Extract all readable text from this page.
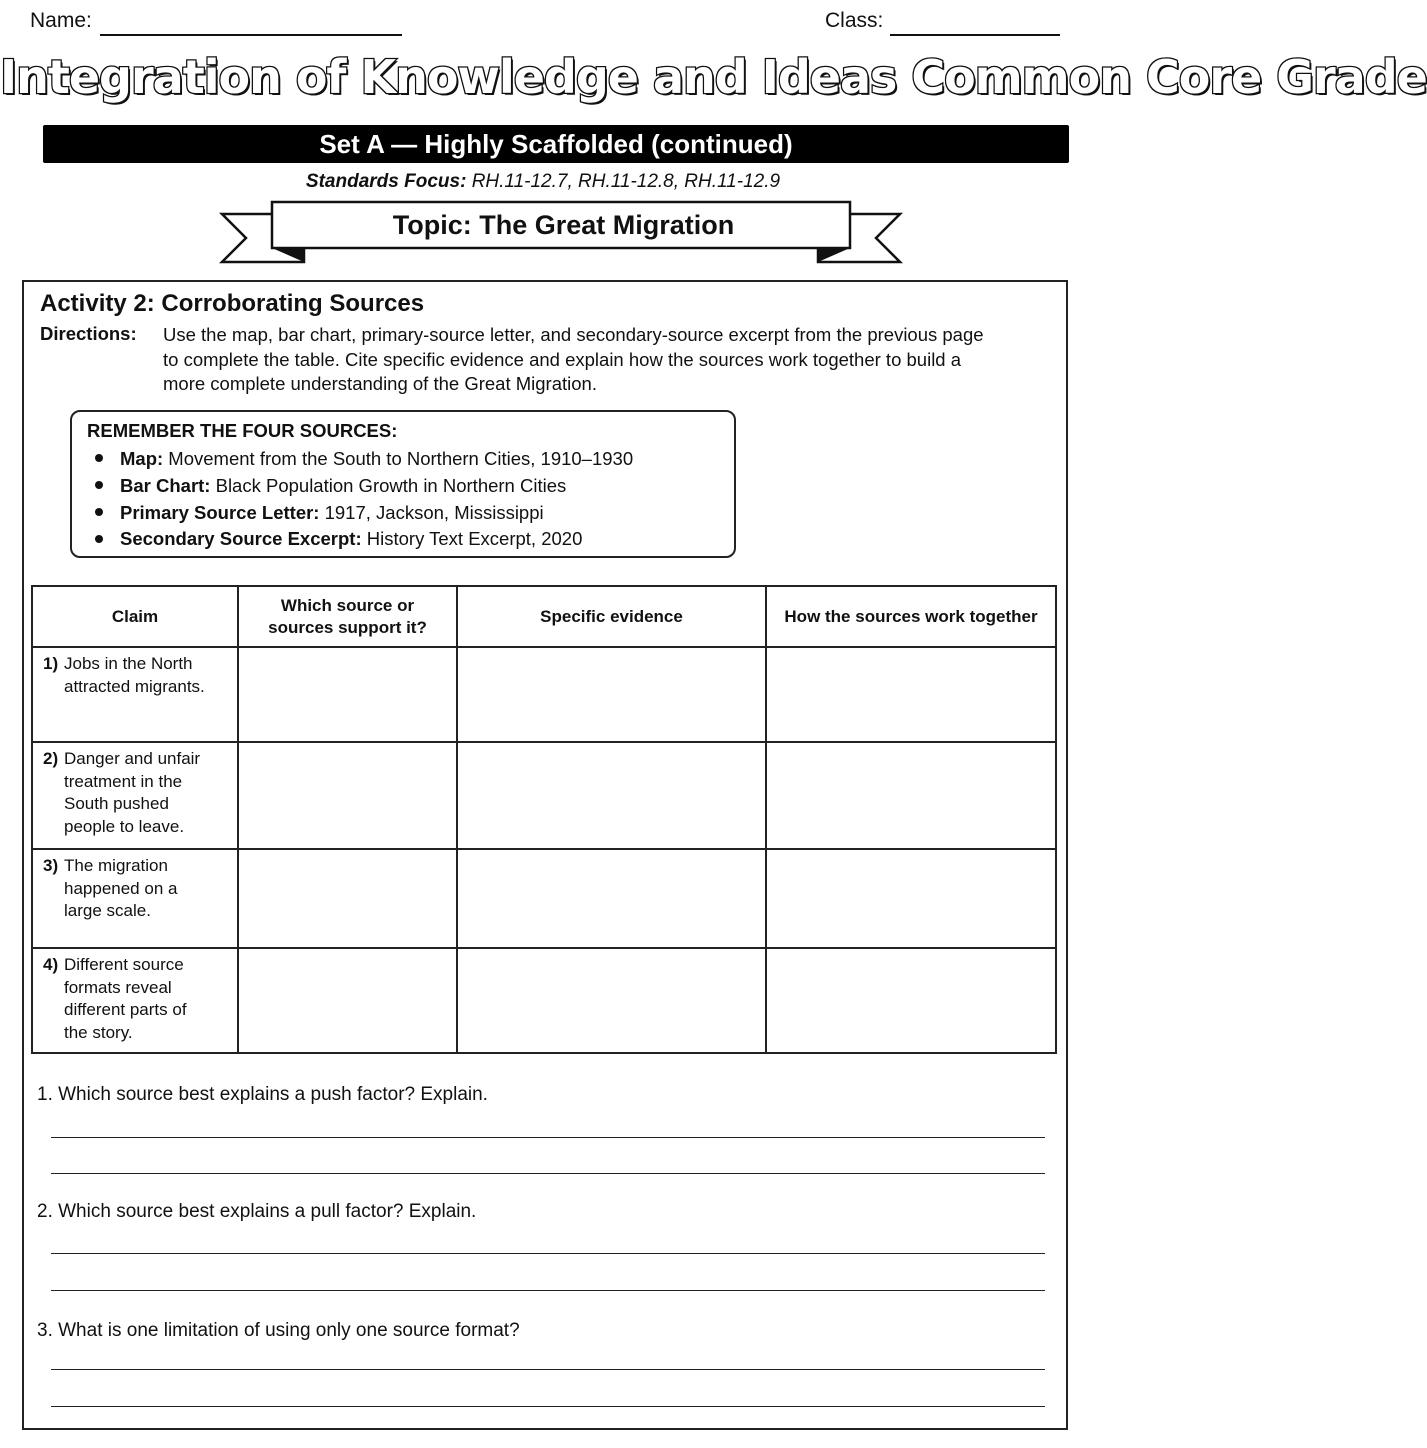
Name:	Class:
Integration of Knowledge and Ideas Common Core Grade
Set A — Highly Scaffolded (continued)
Standards Focus: RH.11-12.7, RH.11-12.8, RH.11-12.9
Topic: The Great Migration
Activity 2: Corroborating Sources
Directions: Use the map, bar chart, primary-source letter, and secondary-source excerpt from the previous page
to complete the table. Cite specific evidence and explain how the sources work together to build a
more complete understanding of the Great Migration.
REMEMBER THE FOUR SOURCES:
Map: Movement from the South to Northern Cities, 1910–1930
Bar Chart: Black Population Growth in Northern Cities
Primary Source Letter: 1917, Jackson, Mississippi
Secondary Source Excerpt: History Text Excerpt, 2020
Claim	Which source or
sources support it?	Specific evidence	How the sources work together

1) Jobs in the North
attracted migrants.			

2) Danger and unfair
treatment in the
South pushed
people to leave.			

3) The migration
happened on a
large scale.			

4) Different source
formats reveal
different parts of
the story.			

1. Which source best explains a push factor? Explain.
2. Which source best explains a pull factor? Explain.
3. What is one limitation of using only one source format?
